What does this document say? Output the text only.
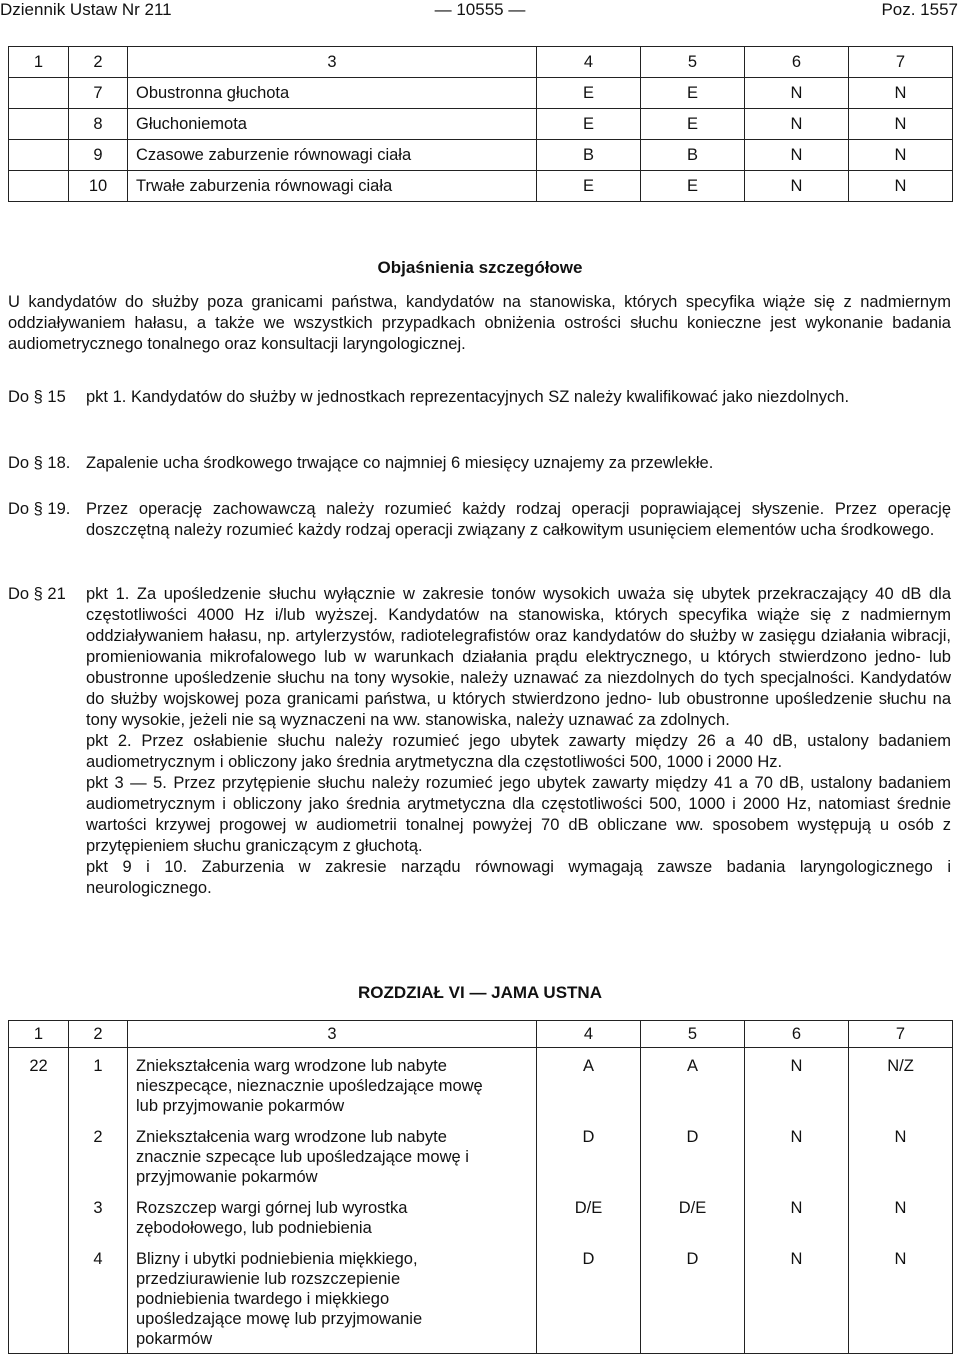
Dziennik Ustaw Nr 211	— 10555 —	Poz. 1557
1	2	3	4	5	6	7
	7	Obustronna głuchota	E	E	N	N
	8	Głuchoniemota	E	E	N	N
	9	Czasowe zaburzenie równowagi ciała	B	B	N	N
	10	Trwałe zaburzenia równowagi ciała	E	E	N	N
Objaśnienia szczegółowe

U kandydatów do służby poza granicami państwa, kandydatów na stanowiska, których specyfika wiąże się z nadmiernym oddziaływaniem hałasu, a także we wszystkich przypadkach obniżenia ostrości słuchu konieczne jest wykonanie badania audiometrycznego tonalnego oraz konsultacji laryngologicznej.

Do § 15 pkt 1. Kandydatów do służby w jednostkach reprezentacyjnych SZ należy kwalifikować jako niezdolnych.
Do § 18. Zapalenie ucha środkowego trwające co najmniej 6 miesięcy uznajemy za przewlekłe.
Do § 19. Przez operację zachowawczą należy rozumieć każdy rodzaj operacji poprawiającej słyszenie. Przez operację doszczętną należy rozumieć każdy rodzaj operacji związany z całkowitym usunięciem elementów ucha środkowego.
Do § 21 pkt 1. Za upośledzenie słuchu wyłącznie w zakresie tonów wysokich uważa się ubytek przekraczający 40 dB dla częstotliwości 4000 Hz i/lub wyższej. Kandydatów na stanowiska, których specyfika wiąże się z nadmiernym oddziaływaniem hałasu, np. artylerzystów, radiotelegrafistów oraz kandydatów do służby w zasięgu działania wibracji, promieniowania mikrofalowego lub w warunkach działania prądu elektrycznego, u których stwierdzono jedno- lub obustronne upośledzenie słuchu na tony wysokie, należy uznawać za niezdolnych do tych specjalności. Kandydatów do służby wojskowej poza granicami państwa, u których stwierdzono jedno- lub obustronne upośledzenie słuchu na tony wysokie, jeżeli nie są wyznaczeni na ww. stanowiska, należy uznawać za zdolnych.
pkt 2. Przez osłabienie słuchu należy rozumieć jego ubytek zawarty między 26 a 40 dB, ustalony badaniem audiometrycznym i obliczony jako średnia arytmetyczna dla częstotliwości 500, 1000 i 2000 Hz.
pkt 3 — 5. Przez przytępienie słuchu należy rozumieć jego ubytek zawarty między 41 a 70 dB, ustalony badaniem audiometrycznym i obliczony jako średnia arytmetyczna dla częstotliwości 500, 1000 i 2000 Hz, natomiast średnie wartości krzywej progowej w audiometrii tonalnej powyżej 70 dB obliczane ww. sposobem występują u osób z przytępieniem słuchu graniczącym z głuchotą.
pkt 9 i 10. Zaburzenia w zakresie narządu równowagi wymagają zawsze badania laryngologicznego i neurologicznego.
ROZDZIAŁ VI — JAMA USTNA
1	2	3	4	5	6	7
22	1	Zniekształcenia warg wrodzone lub nabyte nieszpecące, nieznacznie upośledzające mowę lub przyjmowanie pokarmów	A	A	N	N/Z

	2	Zniekształcenia warg wrodzone lub nabyte znacznie szpecące lub upośledzające mowę i przyjmowanie pokarmów	D	D	N	N

	3	Rozszczep wargi górnej lub wyrostka zębodołowego, lub podniebienia	D/E	D/E	N	N

	4	Blizny i ubytki podniebienia miękkiego, przedziurawienie lub rozszczepienie podniebienia twardego i miękkiego upośledzające mowę lub przyjmowanie pokarmów	D	D	N	N
